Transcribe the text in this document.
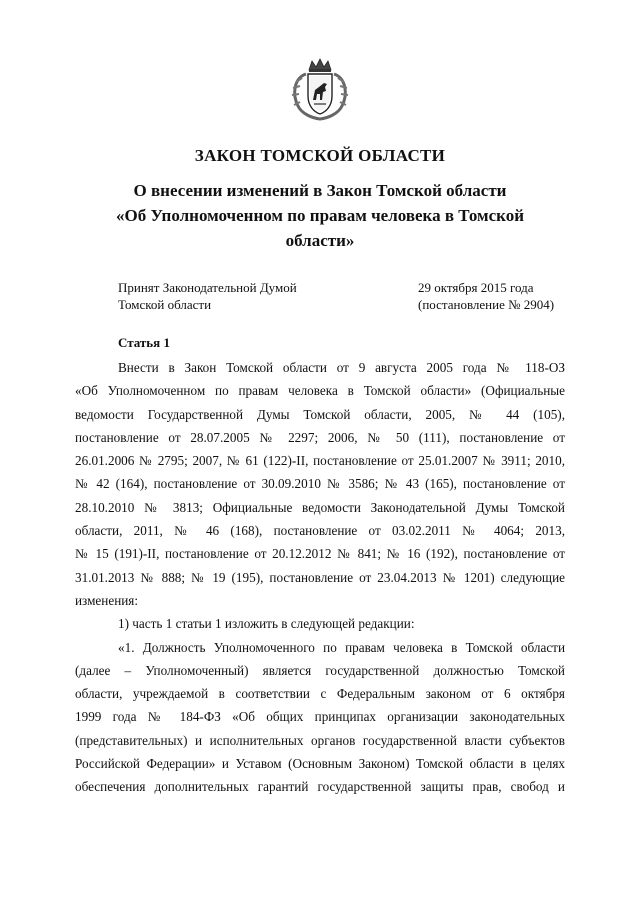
ЗАКОН ТОМСКОЙ ОБЛАСТИ
О внесении изменений в Закон Томской области
«Об Уполномоченном по правам человека в Томской
области»
Принят Законодательной Думой
Томской области
29 октября 2015 года
(постановление № 2904)
Статья 1
Внести в Закон Томской области от 9 августа 2005 года № 118-ОЗ
«Об Уполномоченном по правам человека в Томской области» (Официальные
ведомости Государственной Думы Томской области, 2005, № 44 (105),
постановление от 28.07.2005 № 2297; 2006, № 50 (111), постановление от
26.01.2006 № 2795; 2007, № 61 (122)-II, постановление от 25.01.2007 № 3911; 2010,
№ 42 (164), постановление от 30.09.2010 № 3586; № 43 (165), постановление от
28.10.2010 № 3813; Официальные ведомости Законодательной Думы Томской
области, 2011, № 46 (168), постановление от 03.02.2011 № 4064; 2013,
№ 15 (191)-II, постановление от 20.12.2012 № 841; № 16 (192), постановление от
31.01.2013 № 888; № 19 (195), постановление от 23.04.2013 № 1201) следующие
изменения:
1) часть 1 статьи 1 изложить в следующей редакции:
«1. Должность Уполномоченного по правам человека в Томской области
(далее – Уполномоченный) является государственной должностью Томской
области, учреждаемой в соответствии с Федеральным законом от 6 октября
1999 года № 184-ФЗ «Об общих принципах организации законодательных
(представительных) и исполнительных органов государственной власти субъектов
Российской Федерации» и Уставом (Основным Законом) Томской области в целях
обеспечения дополнительных гарантий государственной защиты прав, свобод и
